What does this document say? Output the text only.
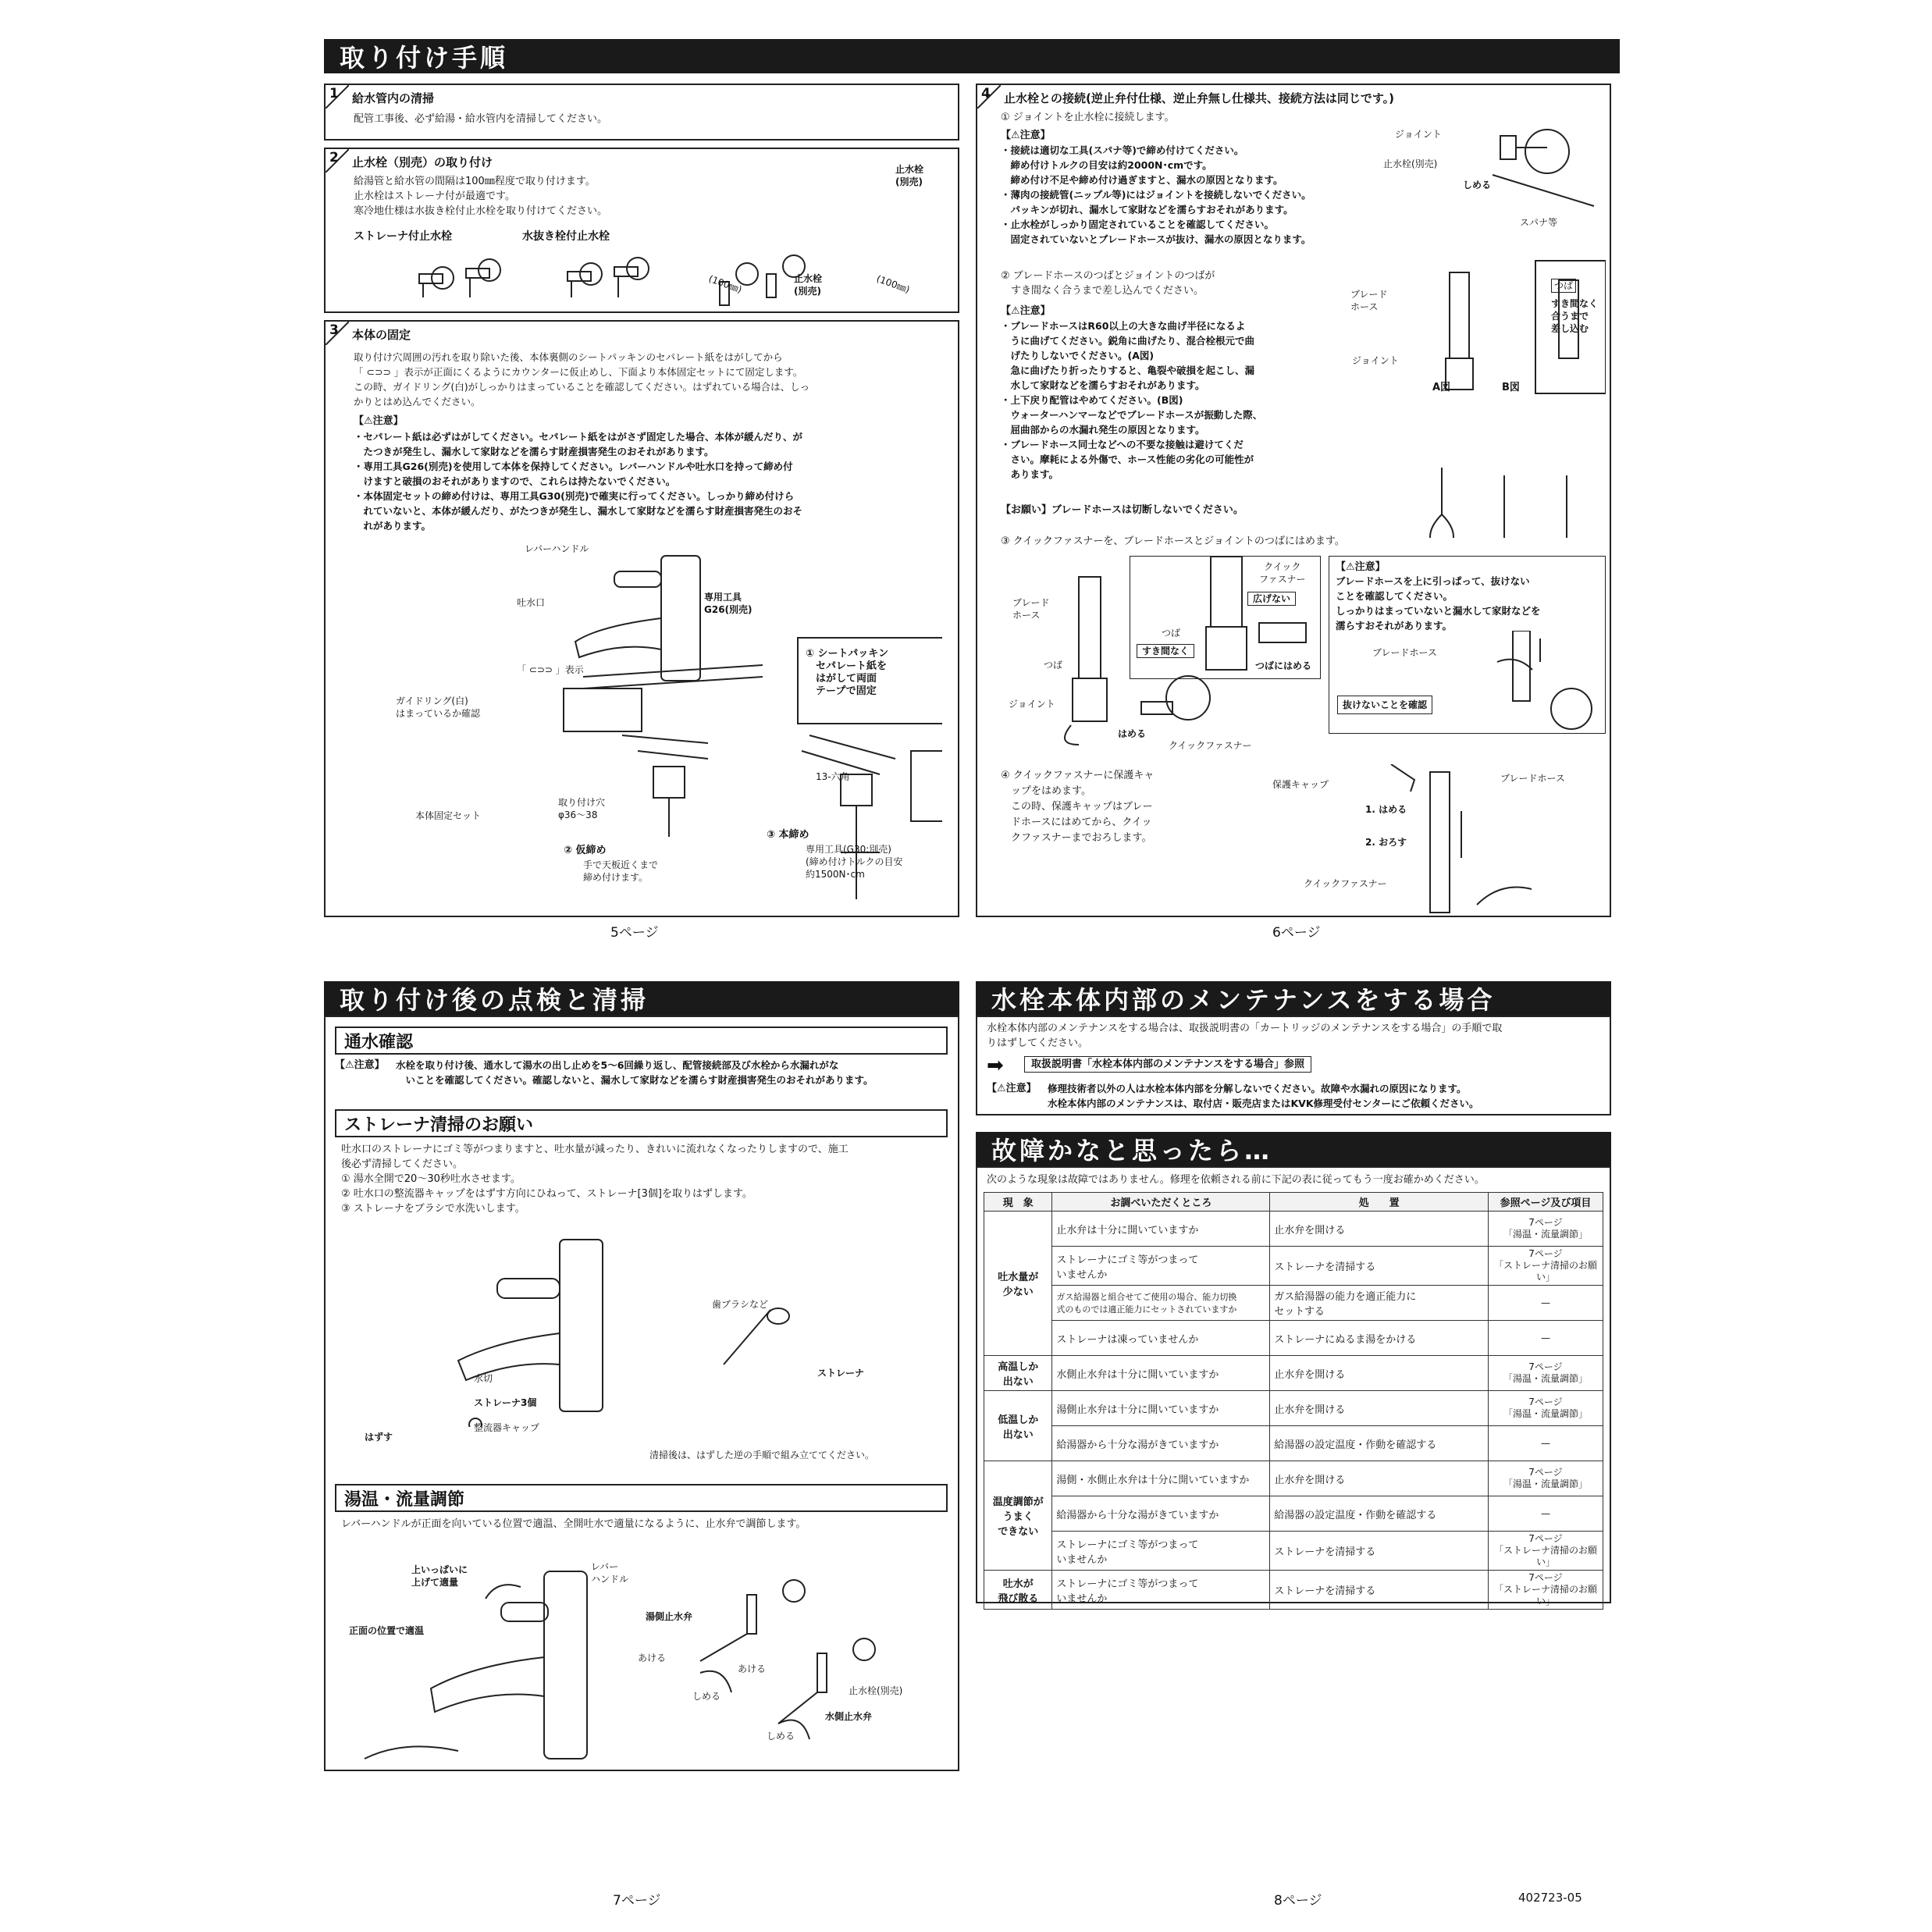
取り付け手順
1 給水管内の清掃
配管工事後、必ず給湯・給水管内を清掃してください。
2 止水栓（別売）の取り付け
給湯管と給水管の間隔は100㎜程度で取り付けます。
止水栓はストレーナ付が最適です。
寒冷地仕様は水抜き栓付止水栓を取り付けてください。
ストレーナ付止水栓	水抜き栓付止水栓
止水栓
(別売)
(100㎜)	止水栓
(別売)	(100㎜)
3 本体の固定
取り付け穴周囲の汚れを取り除いた後、本体裏側のシートパッキンのセパレート紙をはがしてから
「 ⊂⊃⊃ 」表示が正面にくるようにカウンターに仮止めし、下面より本体固定セットにて固定します。
この時、ガイドリング(白)がしっかりはまっていることを確認してください。はずれている場合は、しっ
かりとはめ込んでください。
【⚠注意】
・セパレート紙は必ずはがしてください。セパレート紙をはがさず固定した場合、本体が緩んだり、が
　たつきが発生し、漏水して家財などを濡らす財産損害発生のおそれがあります。
・専用工具G26(別売)を使用して本体を保持してください。レバーハンドルや吐水口を持って締め付
　けますと破損のおそれがありますので、これらは持たないでください。
・本体固定セットの締め付けは、専用工具G30(別売)で確実に行ってください。しっかり締め付けら
　れていないと、本体が緩んだり、がたつきが発生し、漏水して家財などを濡らす財産損害発生のおそ
　れがあります。
レバーハンドル
吐水口	専用工具
G26(別売)
「 ⊂⊃⊃ 」表示
ガイドリング(白)
はまっているか確認
① シートパッキン
　セパレート紙を
　はがして両面
　テープで固定
取り付け穴
φ36～38
本体固定セット
② 仮締め
手で天板近くまで
締め付けます。
13-六角
③ 本締め
専用工具(G30:別売)
(締め付けトルクの目安
約1500N･cm
4 止水栓との接続(逆止弁付仕様、逆止弁無し仕様共、接続方法は同じです。)
① ジョイントを止水栓に接続します。
【⚠注意】
・接続は適切な工具(スパナ等)で締め付けてください。
　締め付けトルクの目安は約2000N･cmです。
　締め付け不足や締め付け過ぎますと、漏水の原因となります。
・薄肉の接続管(ニップル等)にはジョイントを接続しないでください。
　パッキンが切れ、漏水して家財などを濡らすおそれがあります。
・止水栓がしっかり固定されていることを確認してください。
　固定されていないとブレードホースが抜け、漏水の原因となります。
ジョイント
止水栓(別売)
しめる
スパナ等
② ブレードホースのつばとジョイントのつばが
　すき間なく合うまで差し込んでください。
【⚠注意】
・ブレードホースはR60以上の大きな曲げ半径になるよ
　うに曲げてください。鋭角に曲げたり、混合栓根元で曲
　げたりしないでください。(A図)
　急に曲げたり折ったりすると、亀裂や破損を起こし、漏
　水して家財などを濡らすおそれがあります。
・上下戻り配管はやめてください。(B図)
　ウォーターハンマーなどでブレードホースが振動した際、
　屈曲部からの水漏れ発生の原因となります。
・ブレードホース同士などへの不要な接触は避けてくだ
　さい。摩耗による外傷で、ホース性能の劣化の可能性が
　あります。
【お願い】ブレードホースは切断しないでください。
ブレード
ホース
ジョイント
つば
すき間なく
合うまで
差し込む
A図	B図
③ クイックファスナーを、ブレードホースとジョイントのつばにはめます。
ブレード
ホース
つば
ジョイント
はめる
クイックファスナー
クイック
ファスナー
広げない
つば
すき間なく
つばにはめる
【⚠注意】
ブレードホースを上に引っぱって、抜けない
ことを確認してください。
しっかりはまっていないと漏水して家財などを
濡らすおそれがあります。
ブレードホース
抜けないことを確認
④ クイックファスナーに保護キャ
　ップをはめます。
　この時、保護キャップはブレー
　ドホースにはめてから、クイッ
　クファスナーまでおろします。
保護キャップ
ブレードホース
1. はめる
2. おろす
クイックファスナー
5ページ	6ページ
取り付け後の点検と清掃
通水確認
【⚠注意】 水栓を取り付け後、通水して湯水の出し止めを5～6回繰り返し、配管接続部及び水栓から水漏れがな
　いことを確認してください。確認しないと、漏水して家財などを濡らす財産損害発生のおそれがあります。
ストレーナ清掃のお願い
吐水口のストレーナにゴミ等がつまりますと、吐水量が減ったり、きれいに流れなくなったりしますので、施工
後必ず清掃してください。
① 湯水全開で20～30秒吐水させます。
② 吐水口の整流器キャップをはずす方向にひねって、ストレーナ[3個]を取りはずします。
③ ストレーナをブラシで水洗いします。
歯ブラシなど
ストレーナ
水切
ストレーナ3個
はずす
整流器キャップ
清掃後は、はずした逆の手順で組み立ててください。
湯温・流量調節
レバーハンドルが正面を向いている位置で適温、全開吐水で適量になるように、止水弁で調節します。
上いっぱいに
上げて適量
レバー
ハンドル
正面の位置で適温
湯側止水弁
あける
しめる
あける
しめる
止水栓(別売)
水側止水弁
7ページ
水栓本体内部のメンテナンスをする場合
水栓本体内部のメンテナンスをする場合は、取扱説明書の「カートリッジのメンテナンスをする場合」の手順で取
りはずしてください。
➡	取扱説明書「水栓本体内部のメンテナンスをする場合」参照
【⚠注意】 修理技術者以外の人は水栓本体内部を分解しないでください。故障や水漏れの原因になります。
水栓本体内部のメンテナンスは、取付店・販売店またはKVK修理受付センターにご依頼ください。
故障かなと思ったら…
次のような現象は故障ではありません。修理を依頼される前に下記の表に従ってもう一度お確かめください。
現　象	お調べいただくところ	処　　置	参照ページ及び項目
吐水量が
少ない	止水弁は十分に開いていますか	止水弁を開ける	7ページ
「湯温・流量調節」
	ストレーナにゴミ等がつまって
いませんか	ストレーナを清掃する	7ページ
「ストレーナ清掃のお願い」
	ガス給湯器と組合せてご使用の場合、能力切換
式のものでは適正能力にセットされていますか	ガス給湯器の能力を適正能力に
セットする	—
	ストレーナは凍っていませんか	ストレーナにぬるま湯をかける	—
高温しか
出ない	水側止水弁は十分に開いていますか	止水弁を開ける	7ページ
「湯温・流量調節」
低温しか
出ない	湯側止水弁は十分に開いていますか	止水弁を開ける	7ページ
「湯温・流量調節」
	給湯器から十分な湯がきていますか	給湯器の設定温度・作動を確認する	—
温度調節が
うまく
できない	湯側・水側止水弁は十分に開いていますか	止水弁を開ける	7ページ
「湯温・流量調節」
	給湯器から十分な湯がきていますか	給湯器の設定温度・作動を確認する	—
	ストレーナにゴミ等がつまって
いませんか	ストレーナを清掃する	7ページ
「ストレーナ清掃のお願い」
吐水が
飛び散る	ストレーナにゴミ等がつまって
いませんか	ストレーナを清掃する	7ページ
「ストレーナ清掃のお願い」
8ページ	402723-05
